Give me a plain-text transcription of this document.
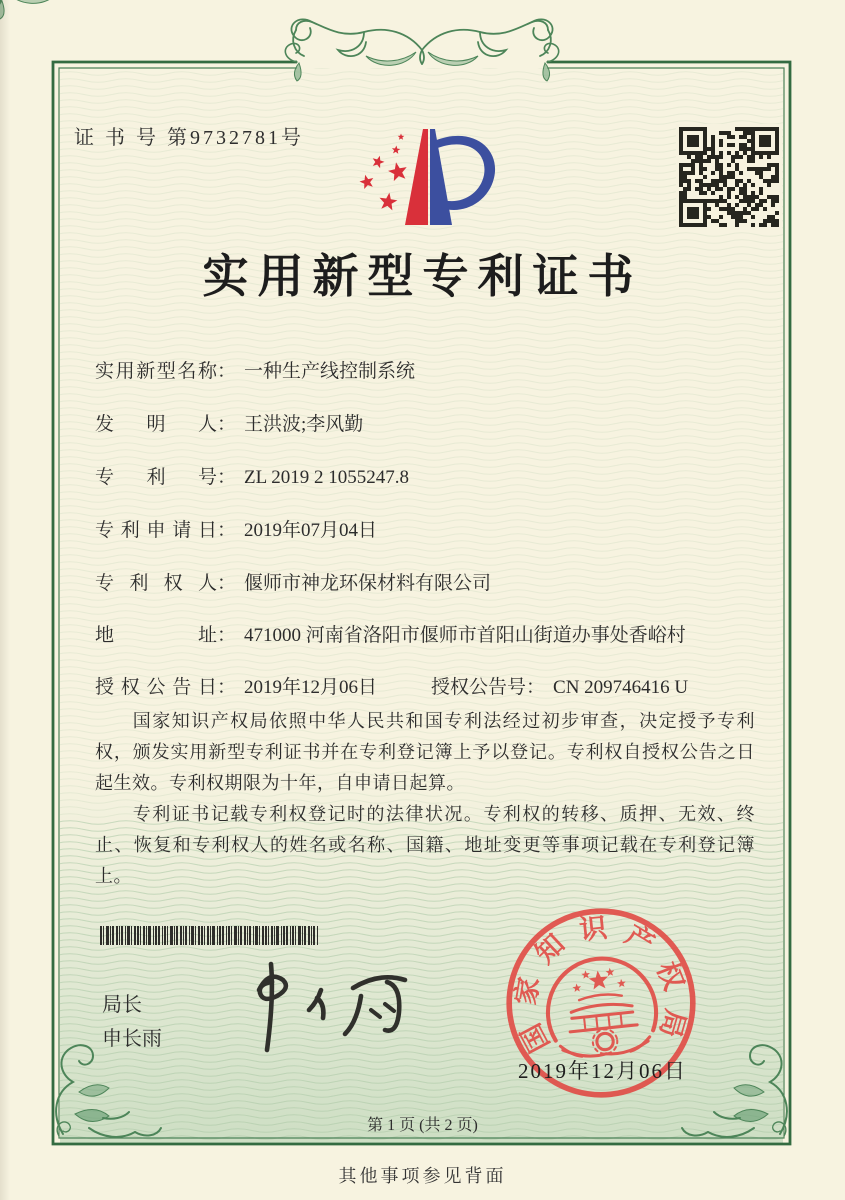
证 书 号 第9732781号
实用新型专利证书
实用新型名称： 一种生产线控制系统
发明人： 王洪波;李风勤
专利号： ZL 2019 2 1055247.8
专利申请日： 2019年07月04日
专利权人： 偃师市神龙环保材料有限公司
地址： 471000 河南省洛阳市偃师市首阳山街道办事处香峪村
授权公告日： 2019年12月06日	授权公告号： CN 209746416 U

国家知识产权局依照中华人民共和国专利法经过初步审查，决定授予专利权，颁发实用新型专利证书并在专利登记簿上予以登记。专利权自授权公告之日起生效。专利权期限为十年，自申请日起算。

专利证书记载专利权登记时的法律状况。专利权的转移、质押、无效、终止、恢复和专利权人的姓名或名称、国籍、地址变更等事项记载在专利登记簿上。

局长
申长雨	国
家
知 识 产
权
局
2019年12月06日
第 1 页 (共 2 页)
其他事项参见背面
